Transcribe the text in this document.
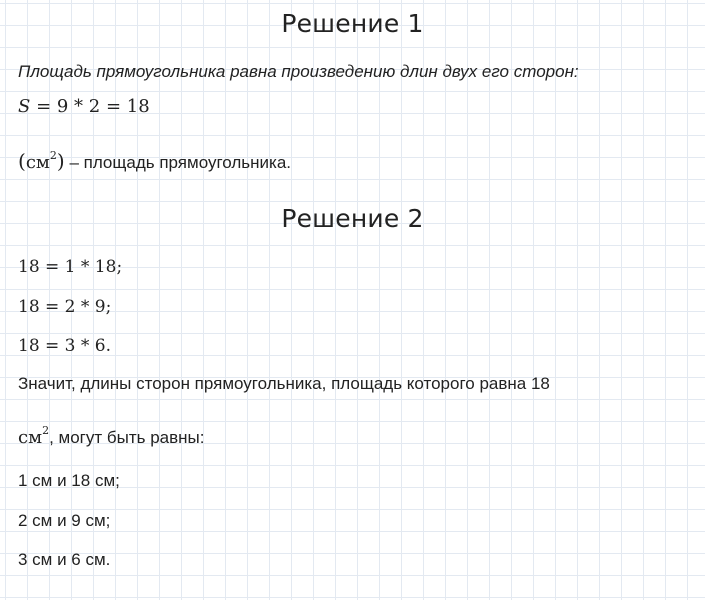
Решение 1
Площадь прямоугольника равна произведению длин двух его сторон:
S = 9 * 2 = 18
$(см^2)$ – площадь прямоугольника.
Решение 2
18 = 1 * 18;
18 = 2 * 9;
18 = 3 * 6.
Значит, длины сторон прямоугольника, площадь которого равна 18
$см^2$, могут быть равны:
1 см и 18 см;
2 см и 9 см;
3 см и 6 см.
